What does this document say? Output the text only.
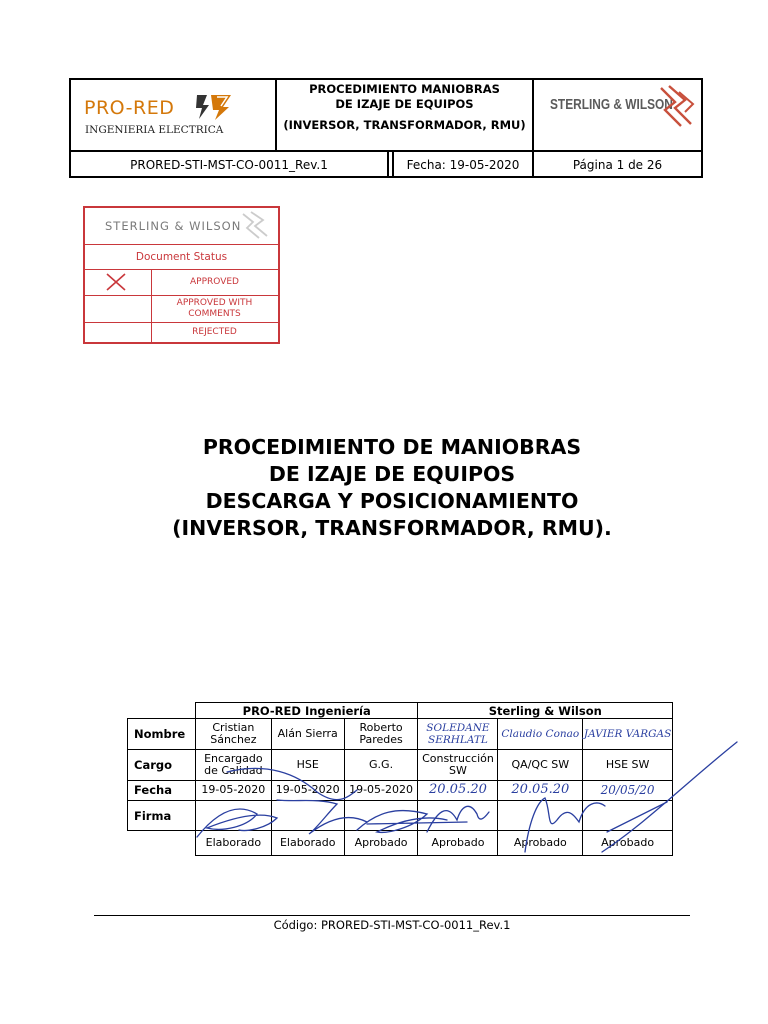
PRO-RED
INGENIERIA ELECTRICA
PROCEDIMIENTO MANIOBRAS
DE IZAJE DE EQUIPOS
(INVERSOR, TRANSFORMADOR, RMU)
STERLING & WILSON
PRORED-STI-MST-CO-0011_Rev.1	Fecha: 19-05-2020	Página 1 de 26
STERLING & WILSON
Document Status
APPROVED
APPROVED WITH COMMENTS
REJECTED
PROCEDIMIENTO DE MANIOBRAS
DE IZAJE DE EQUIPOS
DESCARGA Y POSICIONAMIENTO
(INVERSOR, TRANSFORMADOR, RMU).
	PRO-RED Ingeniería			Sterling & Wilson		
Nombre	Cristian Sánchez	Alán Sierra	Roberto Paredes	SOLEDANE SERHLATL	Claudio Conao	JAVIER VARGAS
Cargo	Encargado de Calidad	HSE	G.G.	Construcción SW	QA/QC SW	HSE SW
Fecha	19-05-2020	19-05-2020	19-05-2020	20.05.20	20.05.20	20/05/20
Firma						
	Elaborado	Elaborado	Aprobado	Aprobado	Aprobado	Aprobado
Código: PRORED-STI-MST-CO-0011_Rev.1
